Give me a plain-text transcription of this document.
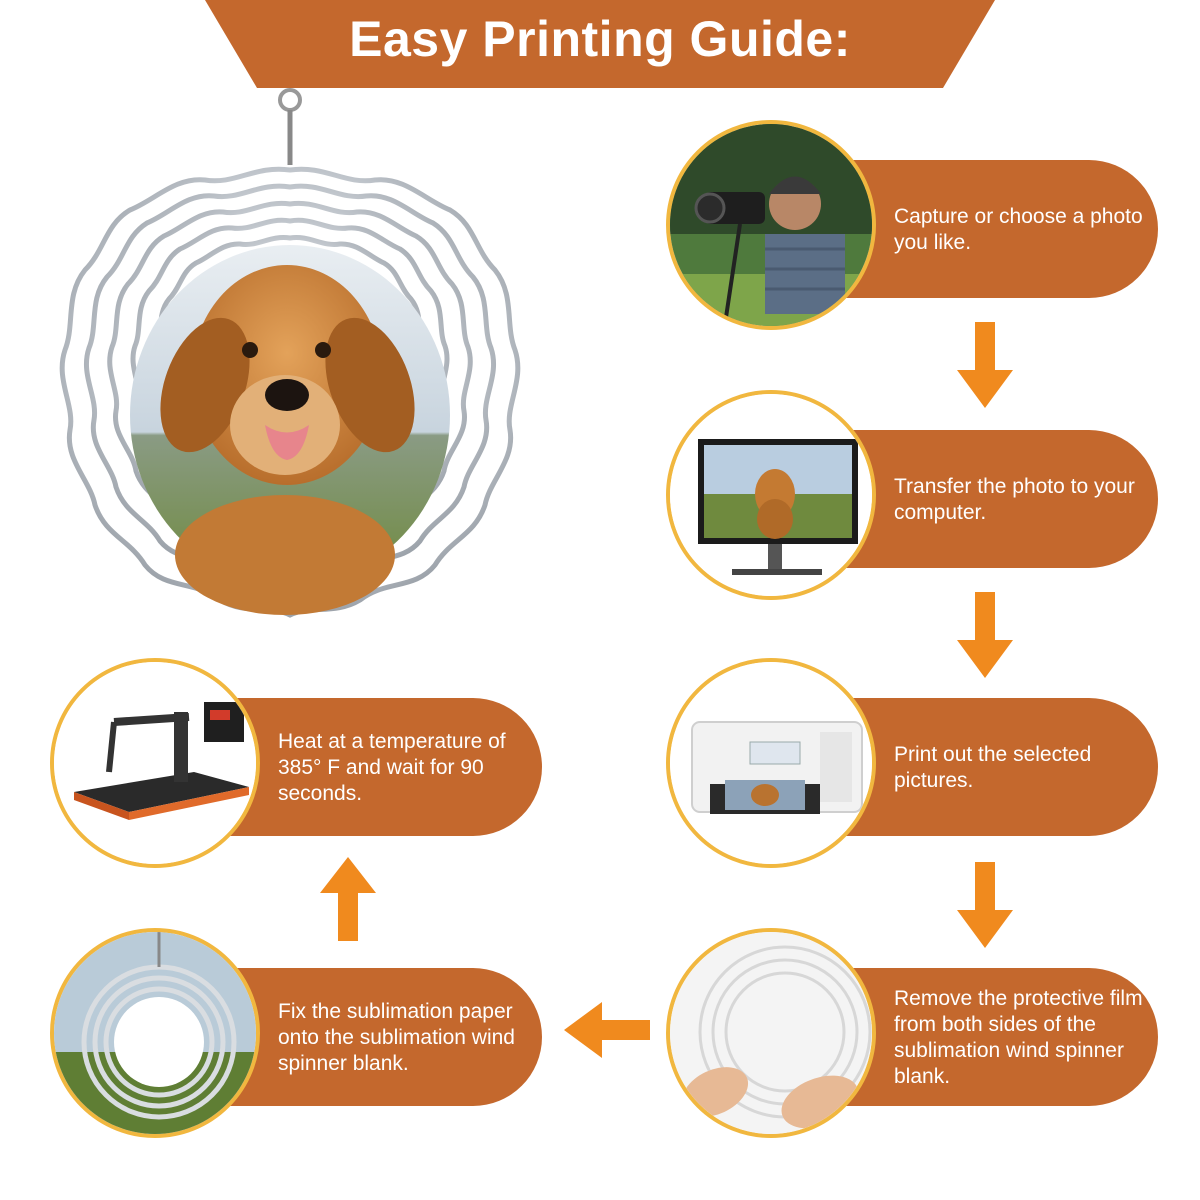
Easy Printing Guide:
Capture or choose a photo you like.
Transfer the photo to your computer.
Print out the selected pictures.
Remove the protective film from both sides of the sublimation wind spinner blank.
Fix the sublimation paper onto the sublimation wind spinner blank.
Heat at a temperature of 385° F and wait for 90 seconds.
